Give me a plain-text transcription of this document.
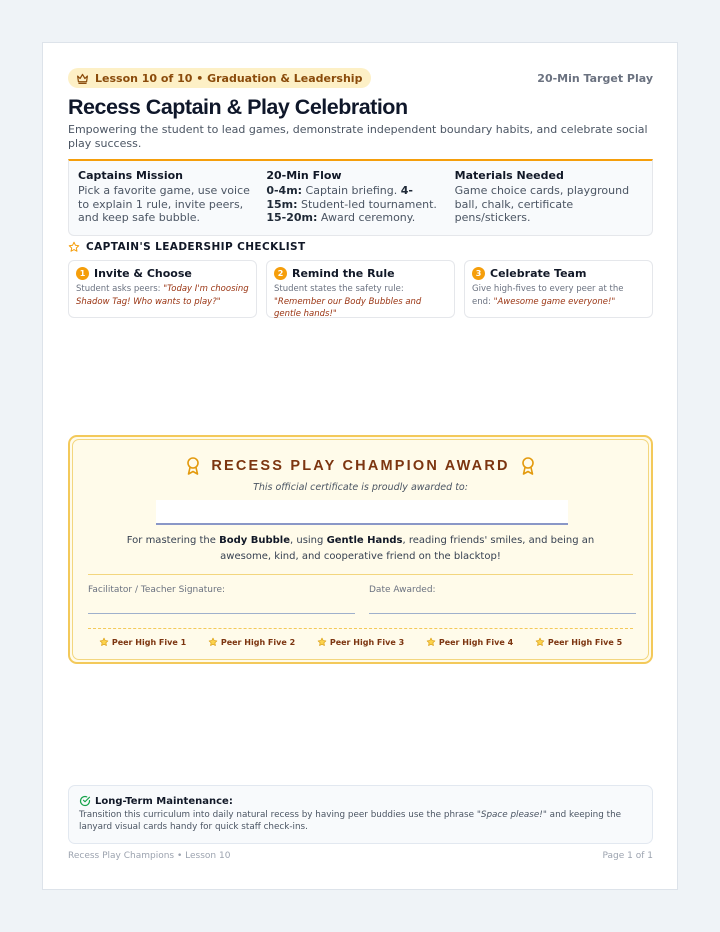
Lesson 10 of 10 • Graduation & Leadership	20-Min Target Play
Recess Captain & Play Celebration

Empowering the student to lead games, demonstrate independent boundary habits, and celebrate social play success.

Captains Mission

Pick a favorite game, use voice to explain 1 rule, invite peers, and keep safe bubble.

20-Min Flow

0-4m: Captain briefing. 4-15m: Student-led tournament. 15-20m: Award ceremony.

Materials Needed

Game choice cards, playground ball, chalk, certificate pens/stickers.

CAPTAIN'S LEADERSHIP CHECKLIST
1 Invite & Choose

Student asks peers: "Today I'm choosing Shadow Tag! Who wants to play?"

2 Remind the Rule

Student states the safety rule: "Remember our Body Bubbles and gentle hands!"

3 Celebrate Team

Give high-fives to every peer at the end: "Awesome game everyone!"

RECESS PLAY CHAMPION AWARD
This official certificate is proudly awarded to:

For mastering the Body Bubble, using Gentle Hands, reading friends' smiles, and being an awesome, kind, and cooperative friend on the blacktop!

Facilitator / Teacher Signature:	Date Awarded:
Peer High Five 1	Peer High Five 2	Peer High Five 3	Peer High Five 4	Peer High Five 5
Long-Term Maintenance:

Transition this curriculum into daily natural recess by having peer buddies use the phrase "Space please!" and keeping the lanyard visual cards handy for quick staff check-ins.

Recess Play Champions • Lesson 10	Page 1 of 1
